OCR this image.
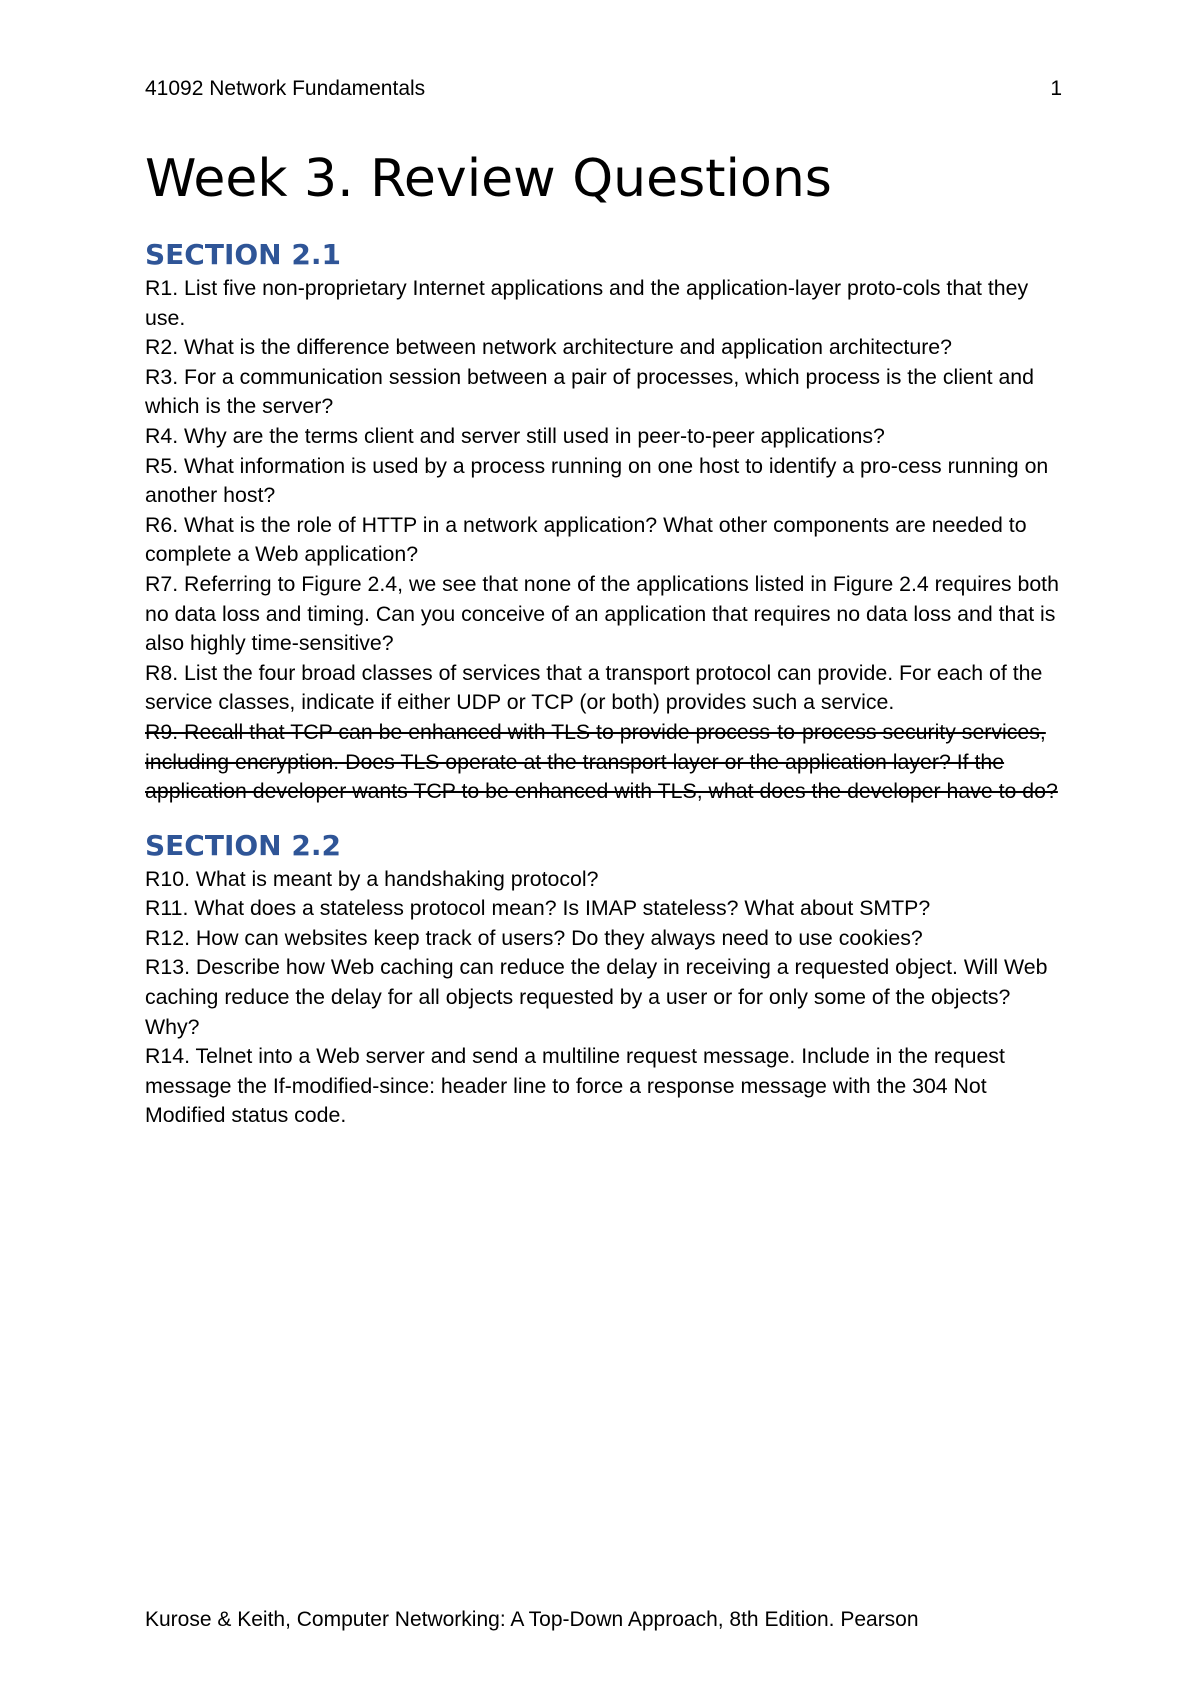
41092 Network Fundamentals	1
Week 3. Review Questions
SECTION 2.1

R1. List five non-proprietary Internet applications and the application-layer proto-cols that they use.

R2. What is the difference between network architecture and application architecture?

R3. For a communication session between a pair of processes, which process is the client and which is the server?

R4. Why are the terms client and server still used in peer-to-peer applications?

R5. What information is used by a process running on one host to identify a pro-cess running on another host?

R6. What is the role of HTTP in a network application? What other components are needed to complete a Web application?

R7. Referring to Figure 2.4, we see that none of the applications listed in Figure 2.4 requires both no data loss and timing. Can you conceive of an application that requires no data loss and that is also highly time-sensitive?

R8. List the four broad classes of services that a transport protocol can provide. For each of the service classes, indicate if either UDP or TCP (or both) provides such a service.

R9. Recall that TCP can be enhanced with TLS to provide process-to-process security services, including encryption. Does TLS operate at the transport layer or the application layer? If the application developer wants TCP to be enhanced with TLS, what does the developer have to do?

SECTION 2.2

R10. What is meant by a handshaking protocol?

R11. What does a stateless protocol mean? Is IMAP stateless? What about SMTP?

R12. How can websites keep track of users? Do they always need to use cookies?

R13. Describe how Web caching can reduce the delay in receiving a requested object. Will Web caching reduce the delay for all objects requested by a user or for only some of the objects? Why?

R14. Telnet into a Web server and send a multiline request message. Include in the request message the If-modified-since: header line to force a response message with the 304 Not Modified status code.

Kurose & Keith, Computer Networking: A Top-Down Approach, 8th Edition. Pearson
